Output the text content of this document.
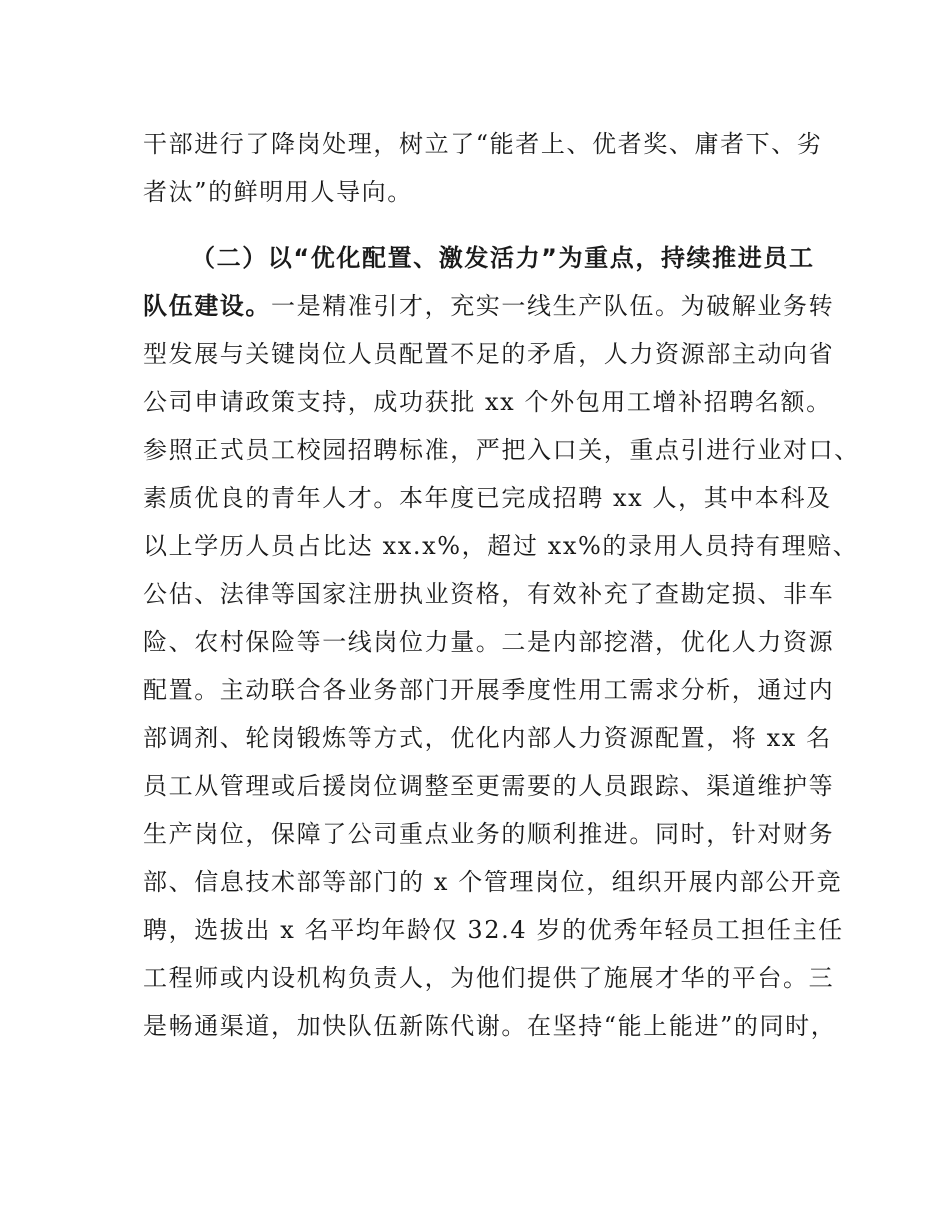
干部进行了降岗处理，树立了“能者上、优者奖、庸者下、劣
者汰”的鲜明用人导向。
（二）以“优化配置、激发活力”为重点，持续推进员工
队伍建设。一是精准引才，充实一线生产队伍。为破解业务转
型发展与关键岗位人员配置不足的矛盾，人力资源部主动向省
公司申请政策支持，成功获批 xx 个外包用工增补招聘名额。
参照正式员工校园招聘标准，严把入口关，重点引进行业对口、
素质优良的青年人才。本年度已完成招聘 xx 人，其中本科及
以上学历人员占比达 xx.x%，超过 xx%的录用人员持有理赔、
公估、法律等国家注册执业资格，有效补充了查勘定损、非车
险、农村保险等一线岗位力量。二是内部挖潜，优化人力资源
配置。主动联合各业务部门开展季度性用工需求分析，通过内
部调剂、轮岗锻炼等方式，优化内部人力资源配置，将 xx 名
员工从管理或后援岗位调整至更需要的人员跟踪、渠道维护等
生产岗位，保障了公司重点业务的顺利推进。同时，针对财务
部、信息技术部等部门的 x 个管理岗位，组织开展内部公开竞
聘，选拔出 x 名平均年龄仅 32.4 岁的优秀年轻员工担任主任
工程师或内设机构负责人，为他们提供了施展才华的平台。三
是畅通渠道，加快队伍新陈代谢。在坚持“能上能进”的同时，
